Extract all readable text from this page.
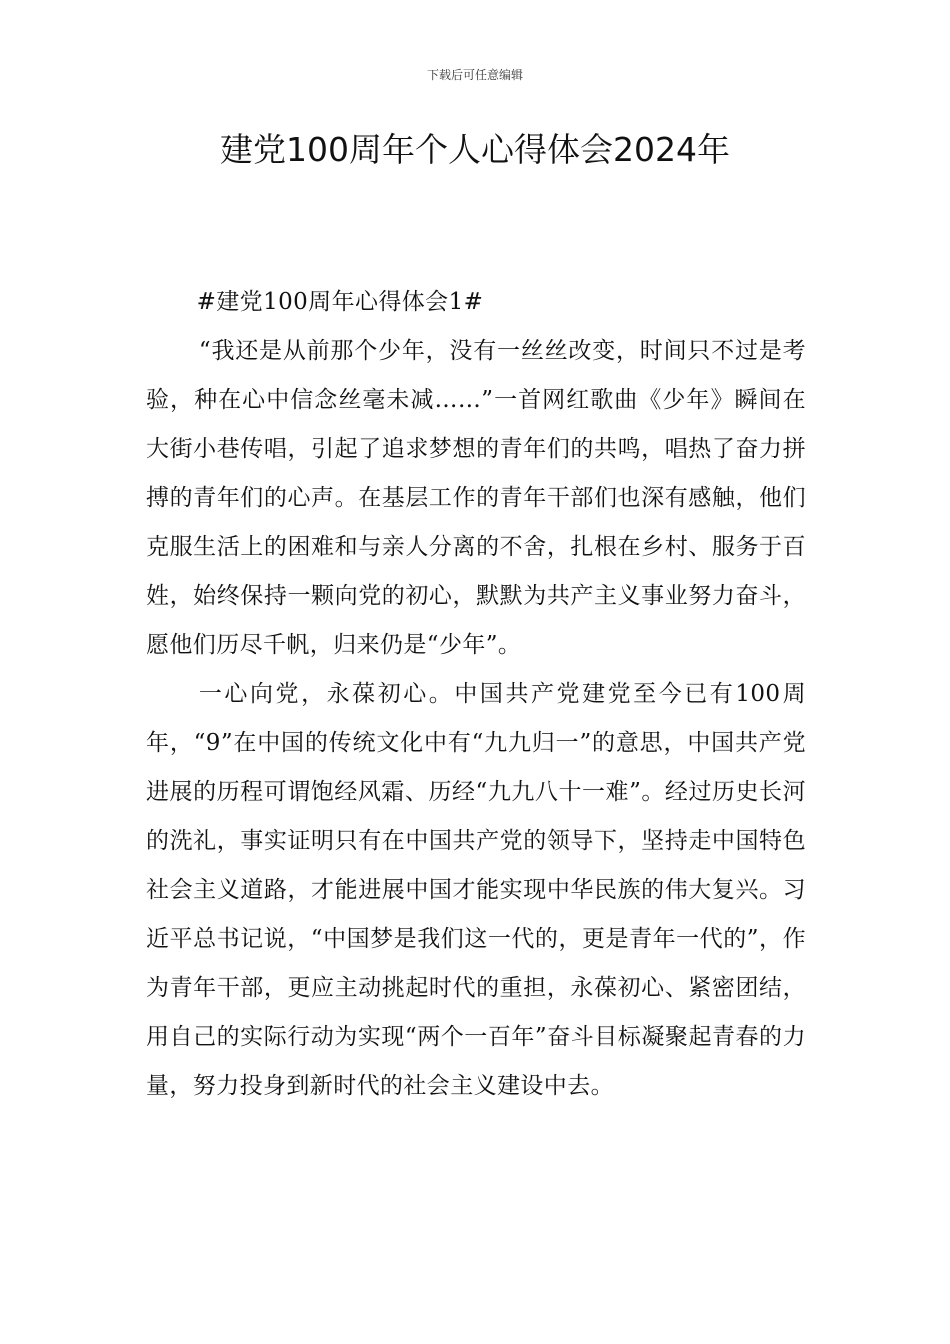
下载后可任意编辑
建党100周年个人心得体会2024年

#建党100周年心得体会1#

“我还是从前那个少年，没有一丝丝改变，时间只不过是考验，种在心中信念丝毫未减……”一首网红歌曲《少年》瞬间在大街小巷传唱，引起了追求梦想的青年们的共鸣，唱热了奋力拼搏的青年们的心声。在基层工作的青年干部们也深有感触，他们克服生活上的困难和与亲人分离的不舍，扎根在乡村、服务于百姓，始终保持一颗向党的初心，默默为共产主义事业努力奋斗，愿他们历尽千帆，归来仍是“少年”。

一心向党，永葆初心。中国共产党建党至今已有100周年，“9”在中国的传统文化中有“九九归一”的意思，中国共产党进展的历程可谓饱经风霜、历经“九九八十一难”。经过历史长河的洗礼，事实证明只有在中国共产党的领导下，坚持走中国特色社会主义道路，才能进展中国才能实现中华民族的伟大复兴。习近平总书记说，“中国梦是我们这一代的，更是青年一代的”，作为青年干部，更应主动挑起时代的重担，永葆初心、紧密团结，用自己的实际行动为实现“两个一百年”奋斗目标凝聚起青春的力量，努力投身到新时代的社会主义建设中去。
